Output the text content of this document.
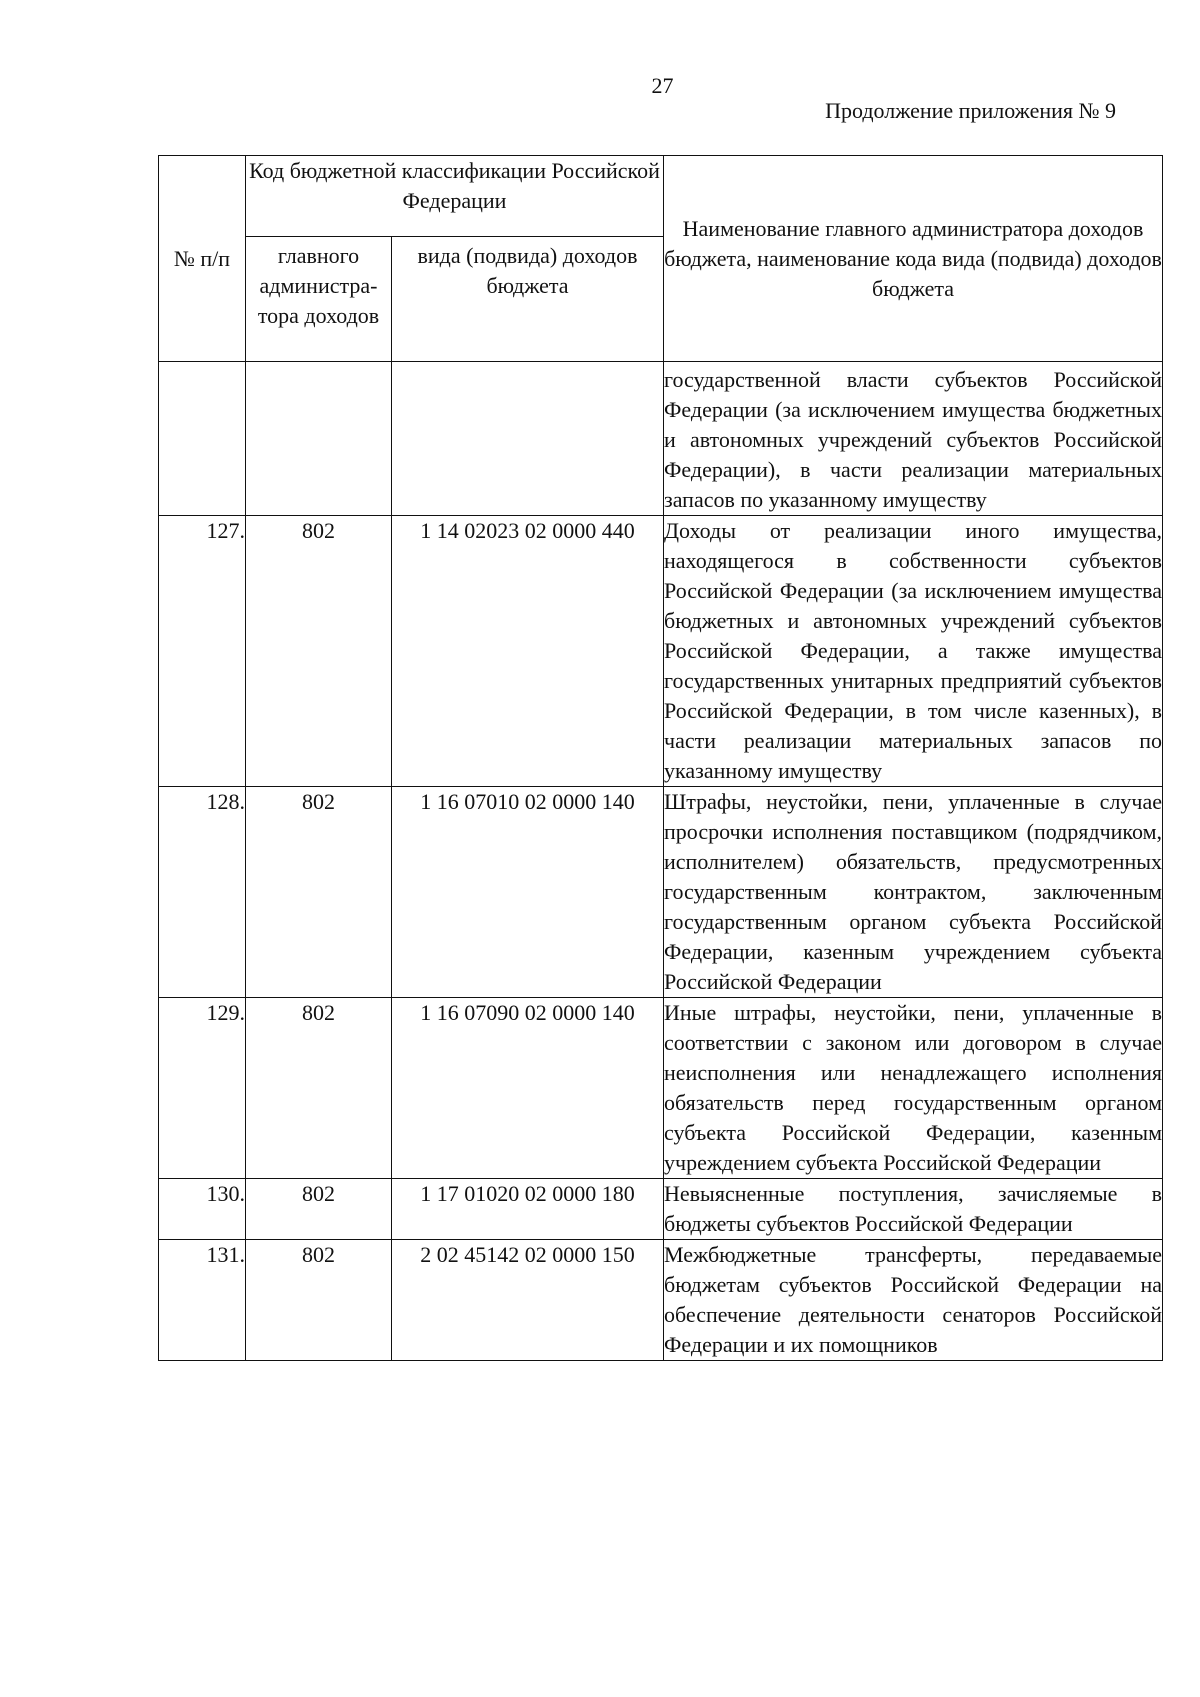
27
Продолжение приложения № 9
№ п/п	Код бюджетной классификации Российской Федерации		Наименование главного администратора доходов бюджета, наименование кода вида (подвида) доходов бюджета
	главного администра-тора доходов	вида (подвида) доходов бюджета	
			государственной власти субъектов Российской Федерации (за исключением имущества бюджетных и автономных учреждений субъектов Российской Федерации), в части реализации материальных запасов по указанному имуществу
127.	802	1 14 02023 02 0000 440	Доходы от реализации иного имущества, находящегося в собственности субъектов Российской Федерации (за исключением имущества бюджетных и автономных учреждений субъектов Российской Федерации, а также имущества государственных унитарных предприятий субъектов Российской Федерации, в том числе казенных), в части реализации материальных запасов по указанному имуществу
128.	802	1 16 07010 02 0000 140	Штрафы, неустойки, пени, уплаченные в случае просрочки исполнения поставщиком (подрядчиком, исполнителем) обязательств, предусмотренных государственным контрактом, заключенным государственным органом субъекта Российской Федерации, казенным учреждением субъекта Российской Федерации
129.	802	1 16 07090 02 0000 140	Иные штрафы, неустойки, пени, уплаченные в соответствии с законом или договором в случае неисполнения или ненадлежащего исполнения обязательств перед государственным органом субъекта Российской Федерации, казенным учреждением субъекта Российской Федерации
130.	802	1 17 01020 02 0000 180	Невыясненные поступления, зачисляемые в бюджеты субъектов Российской Федерации
131.	802	2 02 45142 02 0000 150	Межбюджетные трансферты, передаваемые бюджетам субъектов Российской Федерации на обеспечение деятельности сенаторов Российской Федерации и их помощников
